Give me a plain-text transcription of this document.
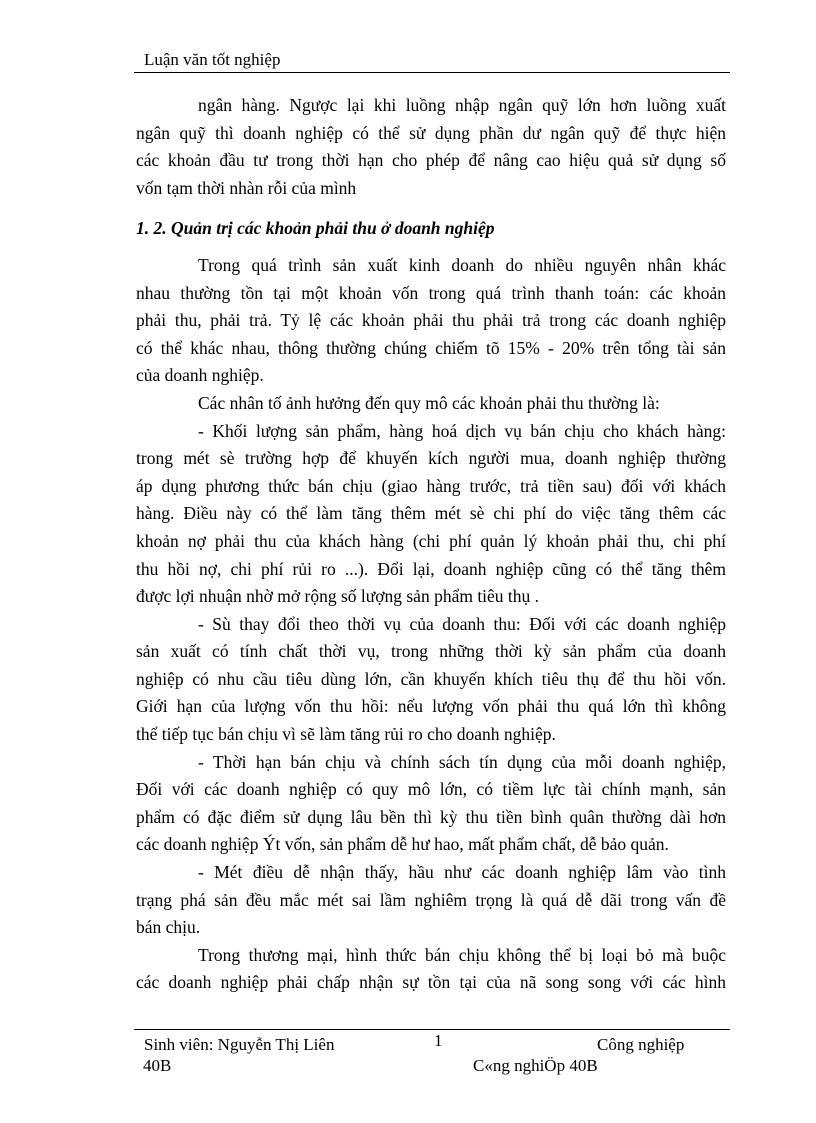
Luận văn tốt nghiệp
ngân hàng. Ngược lại khi luồng nhập ngân quỹ lớn hơn luồng xuất
ngân quỹ thì doanh nghiệp có thể sử dụng phần dư ngân quỹ để thực hiện
các khoản đầu tư trong thời hạn cho phép để nâng cao hiệu quả sử dụng số
vốn tạm thời nhàn rỗi của mình
1. 2. Quản trị các khoản phải thu ở doanh nghiệp
Trong quá trình sản xuất kinh doanh do nhiều nguyên nhân khác
nhau thường tồn tại một khoản vốn trong quá trình thanh toán: các khoản
phải thu, phải trả. Tỷ lệ các khoản phải thu phải trả trong các doanh nghiệp
có thể khác nhau, thông thường chúng chiếm tõ 15% - 20% trên tổng tài sản
của doanh nghiệp.
Các nhân tố ảnh hưởng đến quy mô các khoản phải thu thường là:
- Khối lượng sản phẩm, hàng hoá dịch vụ bán chịu cho khách hàng:
trong mét sè trường hợp để khuyến kích người mua, doanh nghiệp thường
áp dụng phương thức bán chịu (giao hàng trước, trả tiền sau) đối với khách
hàng. Điều này có thể làm tăng thêm mét sè chi phí do việc tăng thêm các
khoản nợ phải thu của khách hàng (chi phí quản lý khoản phải thu, chi phí
thu hồi nợ, chi phí rủi ro ...). Đổi lại, doanh nghiệp cũng có thể tăng thêm
được lợi nhuận nhờ mở rộng số lượng sản phẩm tiêu thụ .
- Sù thay đổi theo thời vụ của doanh thu: Đối với các doanh nghiệp
sản xuất có tính chất thời vụ, trong những thời kỳ sản phẩm của doanh
nghiệp có nhu cầu tiêu dùng lớn, cần khuyến khích tiêu thụ để thu hồi vốn.
Giới hạn của lượng vốn thu hồi: nếu lượng vốn phải thu quá lớn thì không
thể tiếp tục bán chịu vì sẽ làm tăng rủi ro cho doanh nghiệp.
- Thời hạn bán chịu và chính sách tín dụng của mỗi doanh nghiệp,
Đối với các doanh nghiệp có quy mô lớn, có tiềm lực tài chính mạnh, sản
phẩm có đặc điểm sử dụng lâu bền thì kỳ thu tiền bình quân thường dài hơn
các doanh nghiệp Ýt vốn, sản phẩm dễ hư hao, mất phẩm chất, dễ bảo quản.
- Mét điều dễ nhận thấy, hầu như các doanh nghiệp lâm vào tình
trạng phá sản đều mắc mét sai lầm nghiêm trọng là quá dễ dãi trong vấn đề
bán chịu.
Trong thương mại, hình thức bán chịu không thể bị loại bỏ mà buộc
các doanh nghiệp phải chấp nhận sự tồn tại của nã song song với các hình
Sinh viên: Nguyễn Thị Liên	1	Công nghiệp
40B	C«ng nghiÖp 40B
